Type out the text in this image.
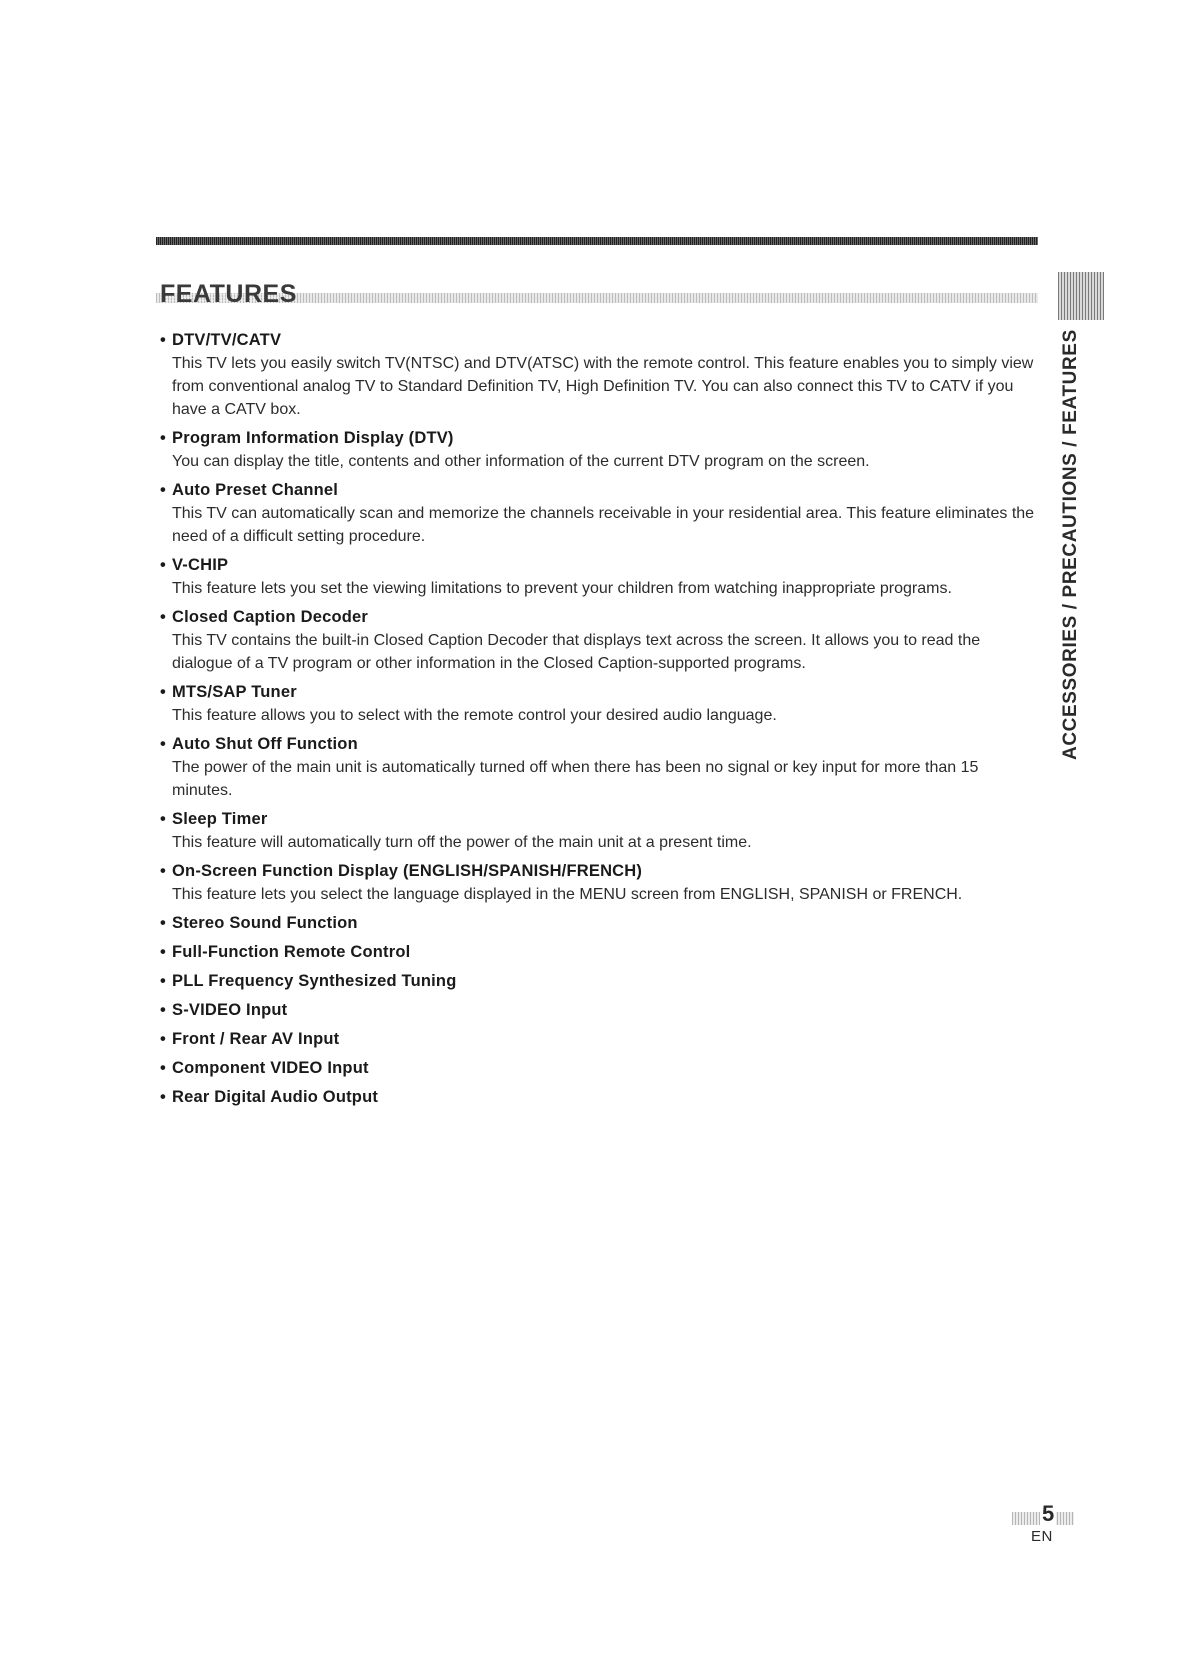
FEATURES
ACCESSORIES / PRECAUTIONS / FEATURES
• DTV/TV/CATV
This TV lets you easily switch TV(NTSC) and DTV(ATSC) with the remote control. This feature enables you to simply view from conventional analog TV to Standard Definition TV, High Definition TV. You can also connect this TV to CATV if you have a CATV box.
• Program Information Display (DTV)
You can display the title, contents and other information of the current DTV program on the screen.
• Auto Preset Channel
This TV can automatically scan and memorize the channels receivable in your residential area. This feature eliminates the need of a difficult setting procedure.
• V-CHIP
This feature lets you set the viewing limitations to prevent your children from watching inappropriate programs.
• Closed Caption Decoder
This TV contains the built-in Closed Caption Decoder that displays text across the screen. It allows you to read the dialogue of a TV program or other information in the Closed Caption-supported programs.
• MTS/SAP Tuner
This feature allows you to select with the remote control your desired audio language.
• Auto Shut Off Function
The power of the main unit is automatically turned off when there has been no signal or key input for more than 15 minutes.
• Sleep Timer
This feature will automatically turn off the power of the main unit at a present time.
• On-Screen Function Display (ENGLISH/SPANISH/FRENCH)
This feature lets you select the language displayed in the MENU screen from ENGLISH, SPANISH or FRENCH.
• Stereo Sound Function
• Full-Function Remote Control
• PLL Frequency Synthesized Tuning
• S-VIDEO Input
• Front / Rear AV Input
• Component VIDEO Input
• Rear Digital Audio Output
5
EN
